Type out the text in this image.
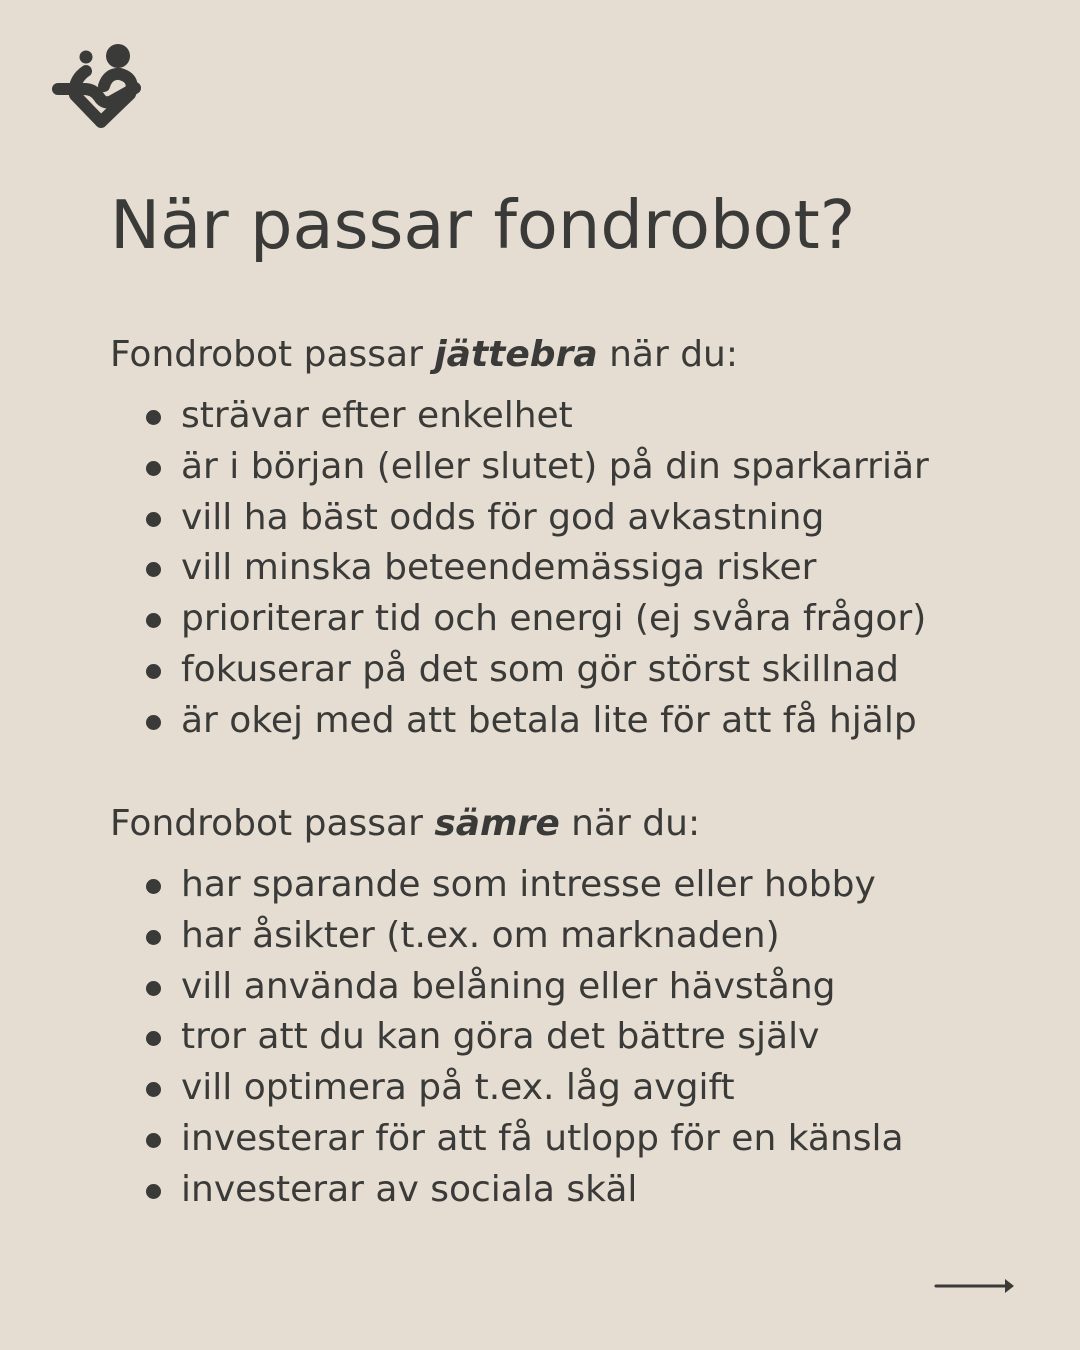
När passar fondrobot?

Fondrobot passar jättebra när du:

strävar efter enkelhet
är i början (eller slutet) på din sparkarriär
vill ha bäst odds för god avkastning
vill minska beteendemässiga risker
prioriterar tid och energi (ej svåra frågor)
fokuserar på det som gör störst skillnad
är okej med att betala lite för att få hjälp

Fondrobot passar sämre när du:

har sparande som intresse eller hobby
har åsikter (t.ex. om marknaden)
vill använda belåning eller hävstång
tror att du kan göra det bättre själv
vill optimera på t.ex. låg avgift
investerar för att få utlopp för en känsla
investerar av sociala skäl
